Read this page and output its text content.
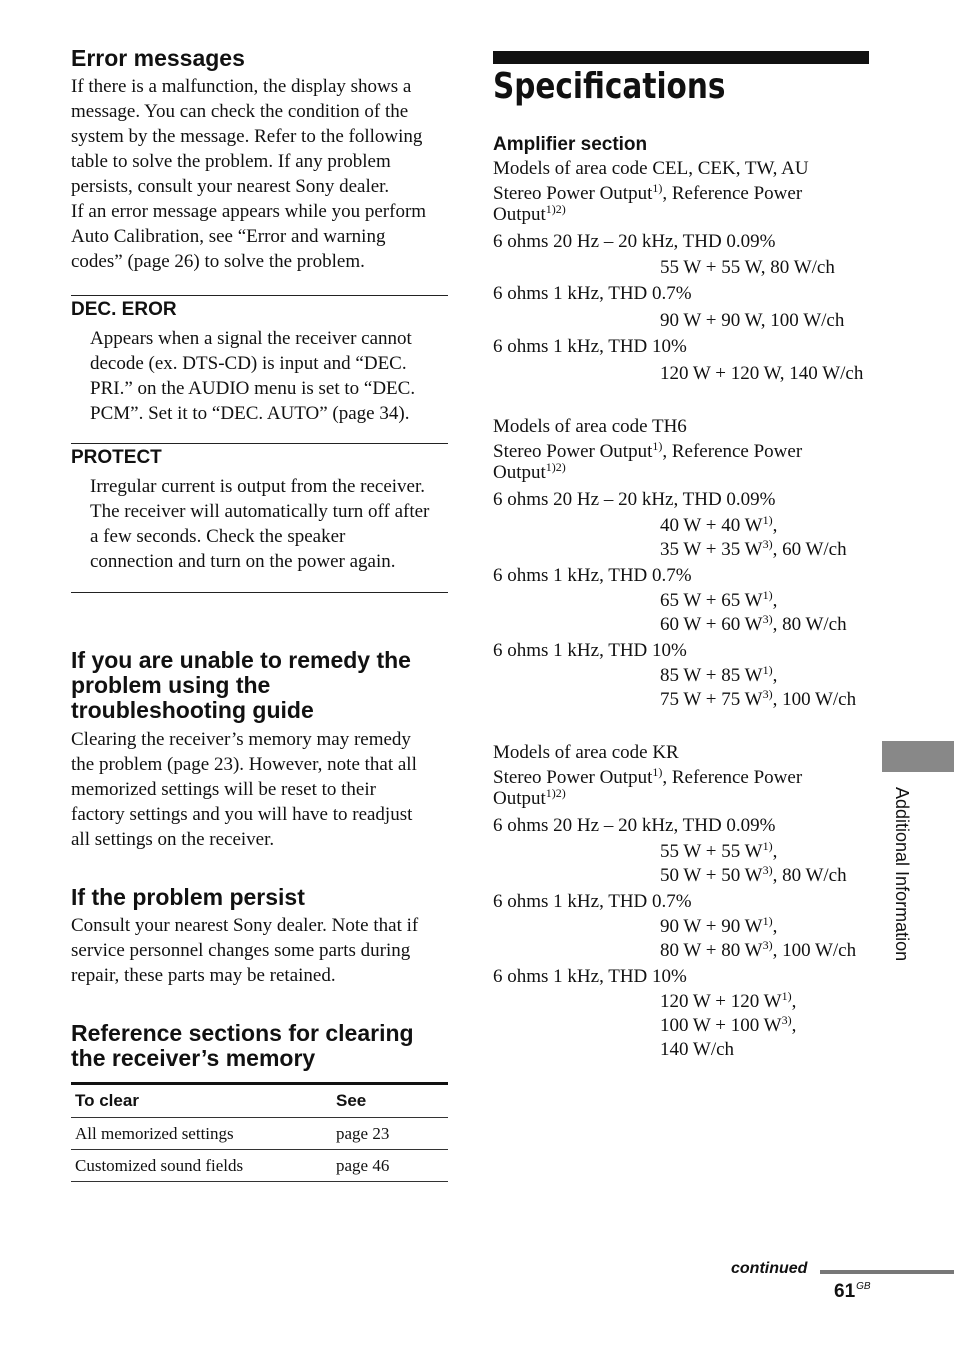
Error messages
If there is a malfunction, the display shows a
message. You can check the condition of the
system by the message. Refer to the following
table to solve the problem. If any problem
persists, consult your nearest Sony dealer.
If an error message appears while you perform
Auto Calibration, see “Error and warning
codes” (page 26) to solve the problem.
DEC. EROR
Appears when a signal the receiver cannot
decode (ex. DTS-CD) is input and “DEC.
PRI.” on the AUDIO menu is set to “DEC.
PCM”. Set it to “DEC. AUTO” (page 34).
PROTECT
Irregular current is output from the receiver.
The receiver will automatically turn off after
a few seconds. Check the speaker
connection and turn on the power again.
If you are unable to remedy the
problem using the
troubleshooting guide
Clearing the receiver’s memory may remedy
the problem (page 23). However, note that all
memorized settings will be reset to their
factory settings and you will have to readjust
all settings on the receiver.
If the problem persist
Consult your nearest Sony dealer. Note that if
service personnel changes some parts during
repair, these parts may be retained.
Reference sections for clearing
the receiver’s memory
To clear	See
All memorized settings	page 23
Customized sound fields	page 46
Specifications
Amplifier section
Models of area code CEL, CEK, TW, AU
Stereo Power Output$^{1)}$, Reference Power
Output$^{1)2)}$
6 ohms 20 Hz – 20 kHz, THD 0.09%
55 W + 55 W, 80 W/ch
6 ohms 1 kHz, THD 0.7%
90 W + 90 W, 100 W/ch
6 ohms 1 kHz, THD 10%
120 W + 120 W, 140 W/ch
Models of area code TH6
Stereo Power Output$^{1)}$, Reference Power
Output$^{1)2)}$
6 ohms 20 Hz – 20 kHz, THD 0.09%
40 W + 40 $W^{1)}$,
35 W + 35 $W^{3)}$, 60 W/ch
6 ohms 1 kHz, THD 0.7%
65 W + 65 $W^{1)}$,
60 W + 60 $W^{3)}$, 80 W/ch
6 ohms 1 kHz, THD 10%
85 W + 85 $W^{1)}$,
75 W + 75 $W^{3)}$, 100 W/ch
Models of area code KR
Stereo Power Output$^{1)}$, Reference Power
Output$^{1)2)}$
6 ohms 20 Hz – 20 kHz, THD 0.09%
55 W + 55 $W^{1)}$,
50 W + 50 $W^{3)}$, 80 W/ch
6 ohms 1 kHz, THD 0.7%
90 W + 90 $W^{1)}$,
80 W + 80 $W^{3)}$, 100 W/ch
6 ohms 1 kHz, THD 10%
120 W + 120 $W^{1)}$,
100 W + 100 $W^{3)}$,
140 W/ch
Additional Information
continued
$61^{GB}$
